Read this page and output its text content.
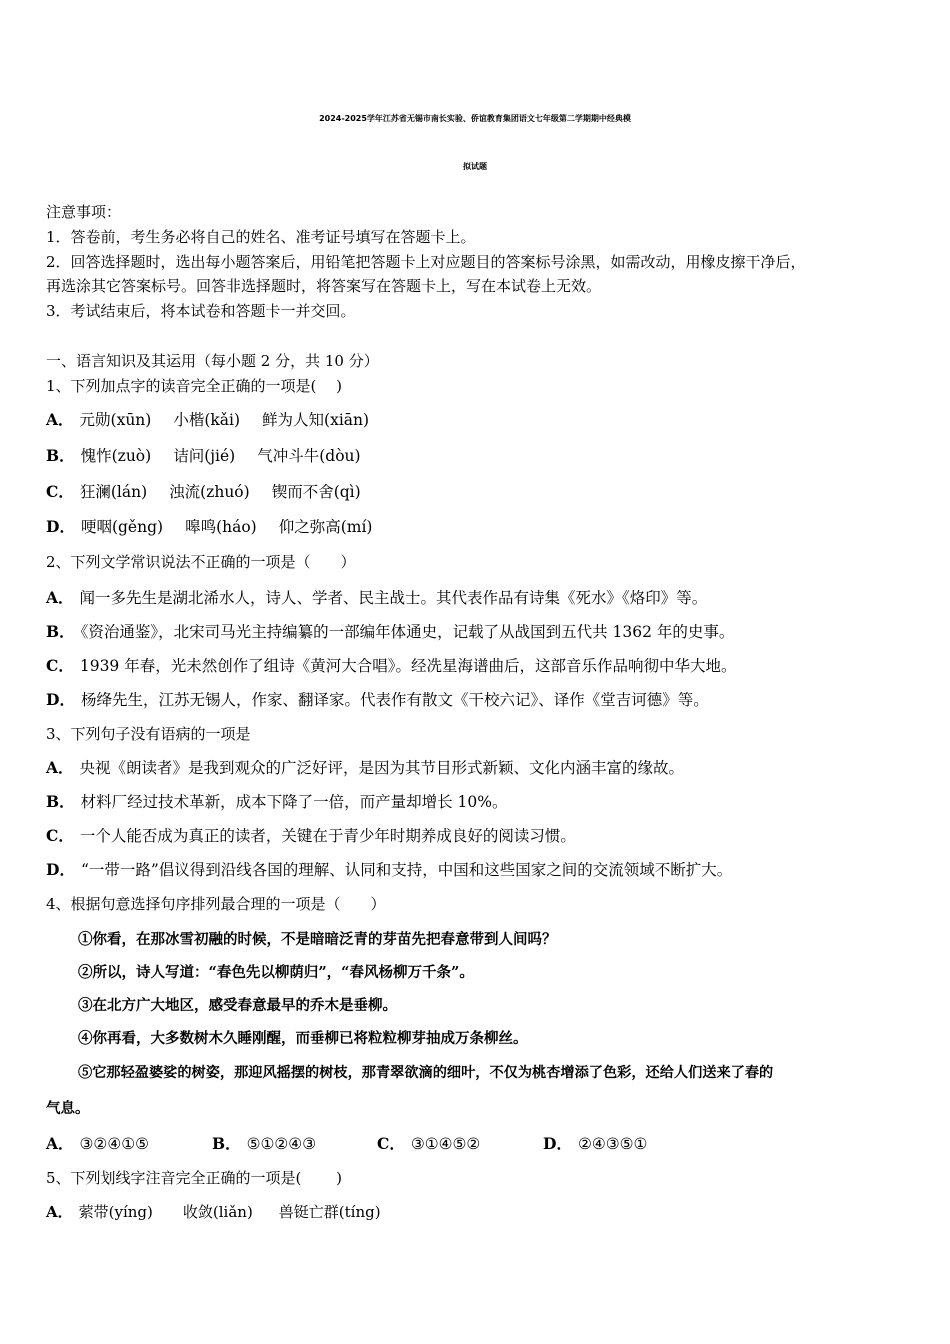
2024-2025学年江苏省无锡市南长实验、侨谊教育集团语文七年级第二学期期中经典模
拟试题
注意事项：
1．答卷前，考生务必将自己的姓名、准考证号填写在答题卡上。
2．回答选择题时，选出每小题答案后，用铅笔把答题卡上对应题目的答案标号涂黑，如需改动，用橡皮擦干净后，
再选涂其它答案标号。回答非选择题时，将答案写在答题卡上，写在本试卷上无效。
3．考试结束后，将本试卷和答题卡一并交回。
一、语言知识及其运用（每小题 2 分，共 10 分）
1、下列加点字的读音完全正确的一项是(　 )
A． 元勋(xūn) 小楷(kǎi) 鲜为人知(xiān)
B． 愧怍(zuò) 诘问(jié) 气冲斗牛(dòu)
C． 狂澜(lán) 浊流(zhuó) 锲而不舍(qì)
D． 哽咽(gěng) 嗥鸣(háo) 仰之弥高(mí)
2、下列文学常识说法不正确的一项是（　　）
A． 闻一多先生是湖北浠水人，诗人、学者、民主战士。其代表作品有诗集《死水》《烙印》等。
B． 《资治通鉴》，北宋司马光主持编纂的一部编年体通史，记载了从战国到五代共 1362 年的史事。
C． 1939 年春，光未然创作了组诗《黄河大合唱》。经冼星海谱曲后，这部音乐作品响彻中华大地。
D． 杨绛先生，江苏无锡人，作家、翻译家。代表作有散文《干校六记》、译作《堂吉诃德》等。
3、下列句子没有语病的一项是
A． 央视《朗读者》是我到观众的广泛好评，是因为其节目形式新颖、文化内涵丰富的缘故。
B． 材料厂经过技术革新，成本下降了一倍，而产量却增长 10%。
C． 一个人能否成为真正的读者，关键在于青少年时期养成良好的阅读习惯。
D． “一带一路”倡议得到沿线各国的理解、认同和支持，中国和这些国家之间的交流领域不断扩大。
4、根据句意选择句序排列最合理的一项是（　　）
①你看，在那冰雪初融的时候，不是暗暗泛青的芽苗先把春意带到人间吗？
②所以，诗人写道：“春色先以柳荫归”，“春风杨柳万千条”。
③在北方广大地区，感受春意最早的乔木是垂柳。
④你再看，大多数树木久睡刚醒，而垂柳已将粒粒柳芽抽成万条柳丝。
⑤它那轻盈婆娑的树姿，那迎风摇摆的树枝，那青翠欲滴的细叶，不仅为桃杏增添了色彩，还给人们送来了春的
气息。
A． ③②④①⑤	B． ⑤①②④③	C． ③①④⑤②	D． ②④③⑤①
5、下列划线字注音完全正确的一项是(　　 )
A． 萦带(yíng) 收敛(liǎn) 兽铤亡群(tíng)
